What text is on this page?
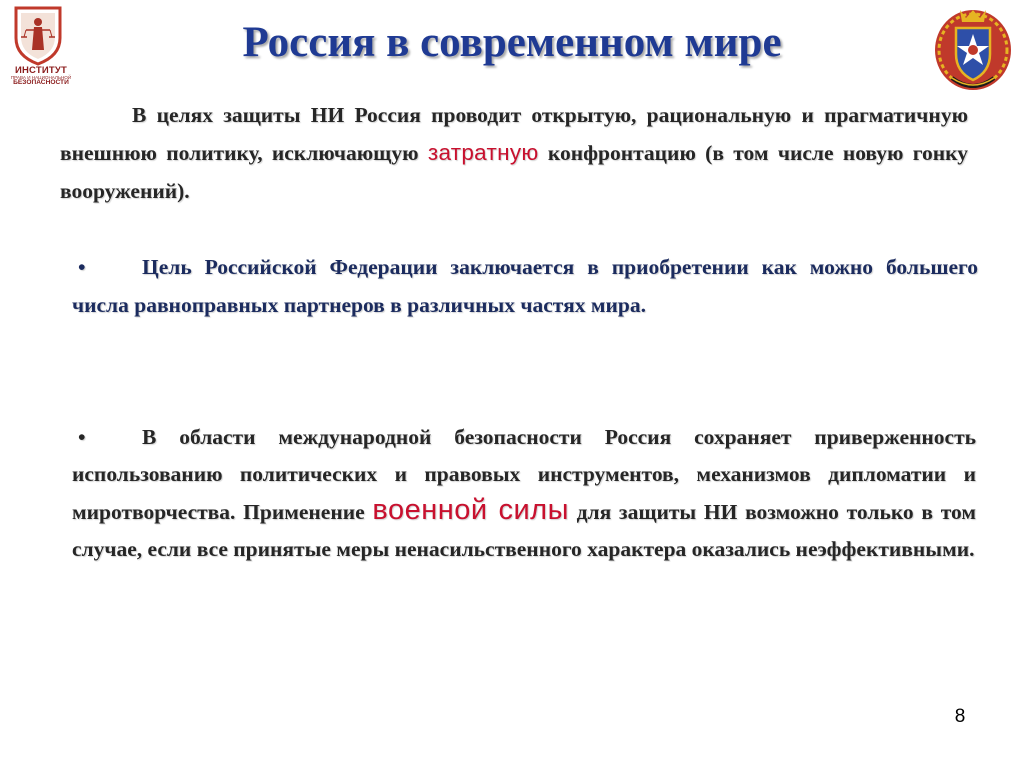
ИНСТИТУТ
ПРАВА И НАЦИОНАЛЬНОЙ
БЕЗОПАСНОСТИ
Россия в современном мире

В целях защиты НИ Россия проводит открытую, рациональную и прагматичную внешнюю политику, исключающую затратную конфронтацию (в том числе новую гонку вооружений).

•	Цель Российской Федерации заключается в приобретении как можно большего числа равноправных партнеров в различных частях мира.

•	В области международной безопасности Россия сохраняет приверженность использованию политических и правовых инструментов, механизмов дипломатии и миротворчества. Применение военной силы для защиты НИ возможно только в том случае, если все принятые меры ненасильственного характера оказались неэффективными.

8
